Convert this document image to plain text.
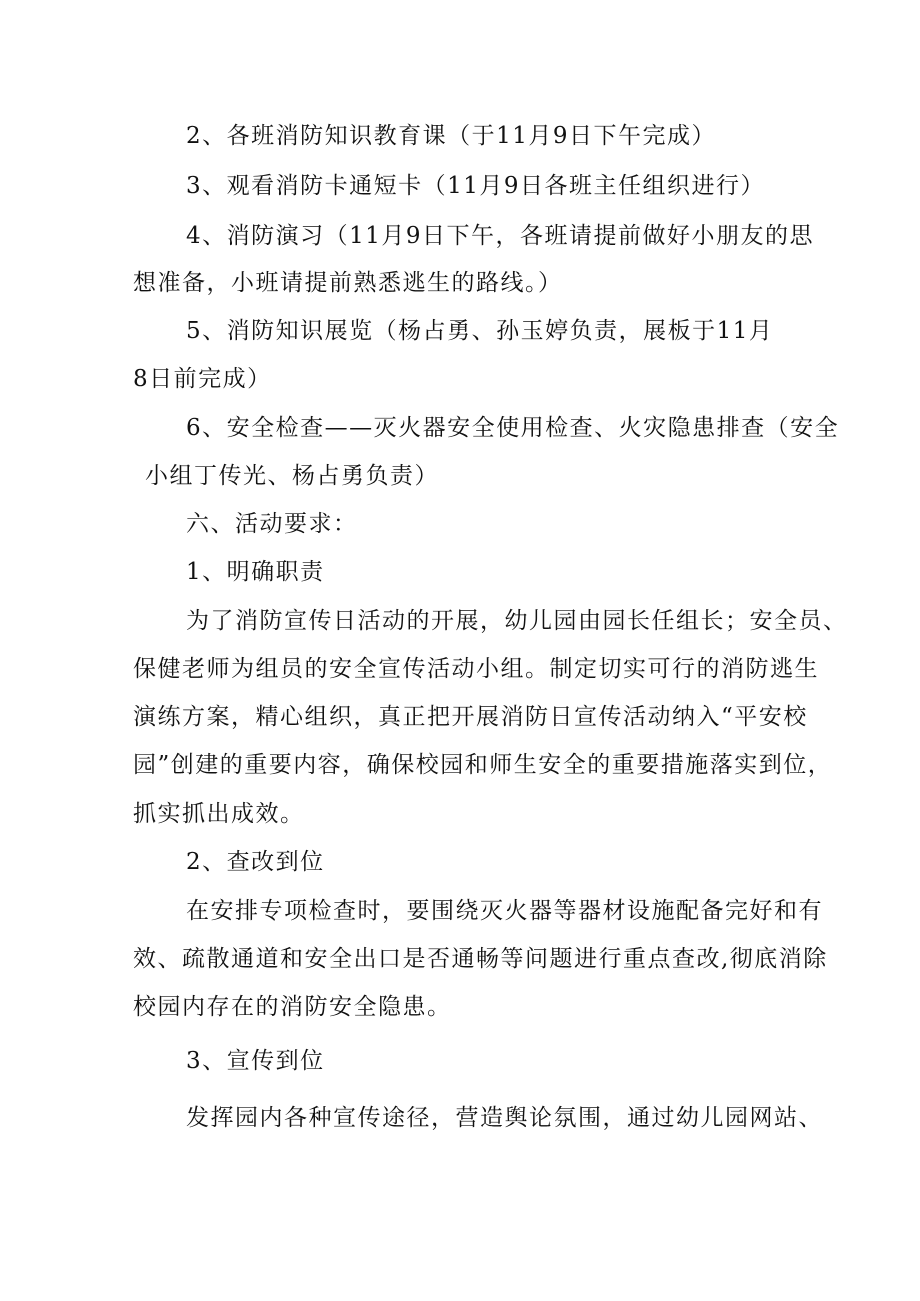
2、各班消防知识教育课（于11月9日下午完成）
3、观看消防卡通短卡（11月9日各班主任组织进行）
4、消防演习（11月9日下午，各班请提前做好小朋友的思
想准备，小班请提前熟悉逃生的路线。）
5、消防知识展览（杨占勇、孙玉婷负责，展板于11月
8日前完成）
6、安全检查——灭火器安全使用检查、火灾隐患排查（安全
小组丁传光、杨占勇负责）
六、活动要求：
1、明确职责
为了消防宣传日活动的开展，幼儿园由园长任组长；安全员、
保健老师为组员的安全宣传活动小组。制定切实可行的消防逃生
演练方案，精心组织，真正把开展消防日宣传活动纳入“平安校
园”创建的重要内容，确保校园和师生安全的重要措施落实到位，
抓实抓出成效。
2、查改到位
在安排专项检查时，要围绕灭火器等器材设施配备完好和有
效、疏散通道和安全出口是否通畅等问题进行重点查改,彻底消除
校园内存在的消防安全隐患。
3、宣传到位
发挥园内各种宣传途径，营造舆论氛围，通过幼儿园网站、
